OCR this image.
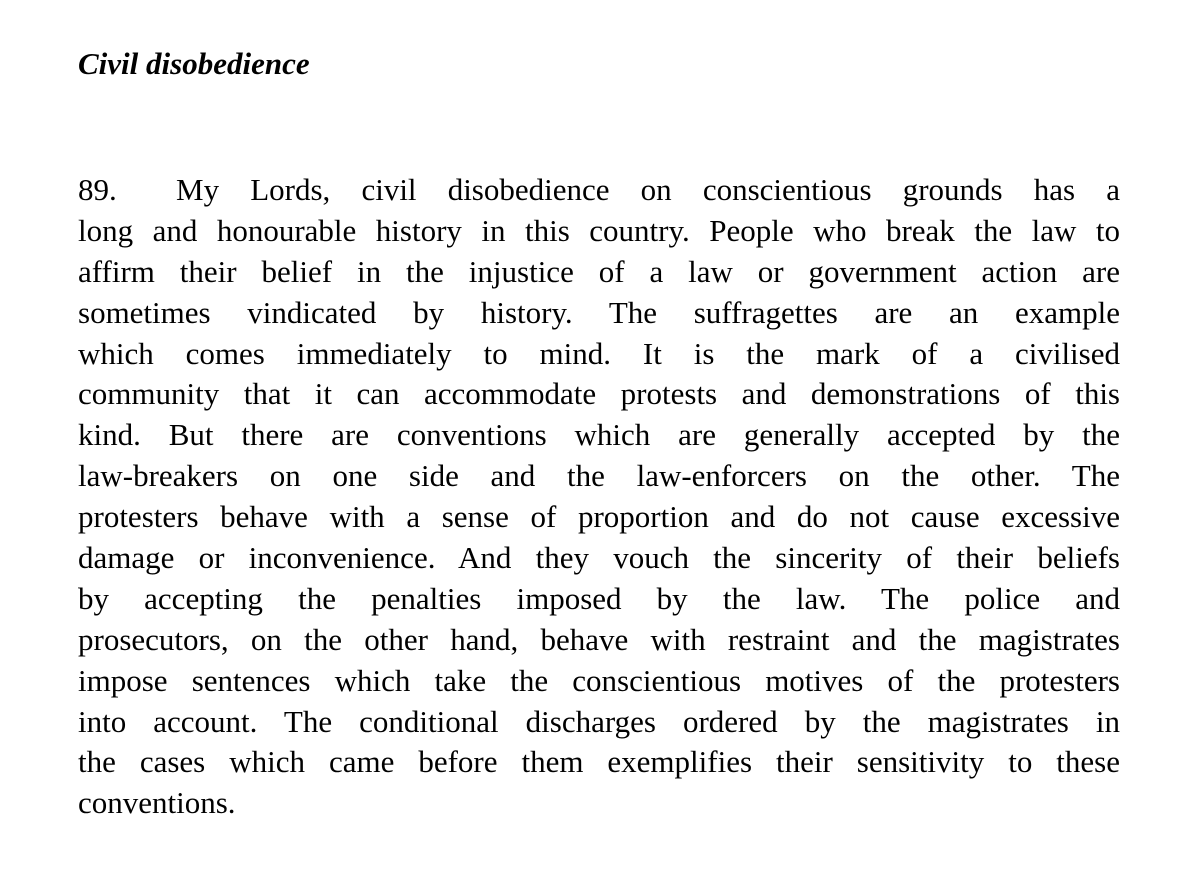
Civil disobedience
89. My Lords, civil disobedience on conscientious grounds has a
long and honourable history in this country. People who break the law to
affirm their belief in the injustice of a law or government action are
sometimes vindicated by history. The suffragettes are an example
which comes immediately to mind. It is the mark of a civilised
community that it can accommodate protests and demonstrations of this
kind. But there are conventions which are generally accepted by the
law-breakers on one side and the law-enforcers on the other. The
protesters behave with a sense of proportion and do not cause excessive
damage or inconvenience. And they vouch the sincerity of their beliefs
by accepting the penalties imposed by the law. The police and
prosecutors, on the other hand, behave with restraint and the magistrates
impose sentences which take the conscientious motives of the protesters
into account. The conditional discharges ordered by the magistrates in
the cases which came before them exemplifies their sensitivity to these
conventions.
